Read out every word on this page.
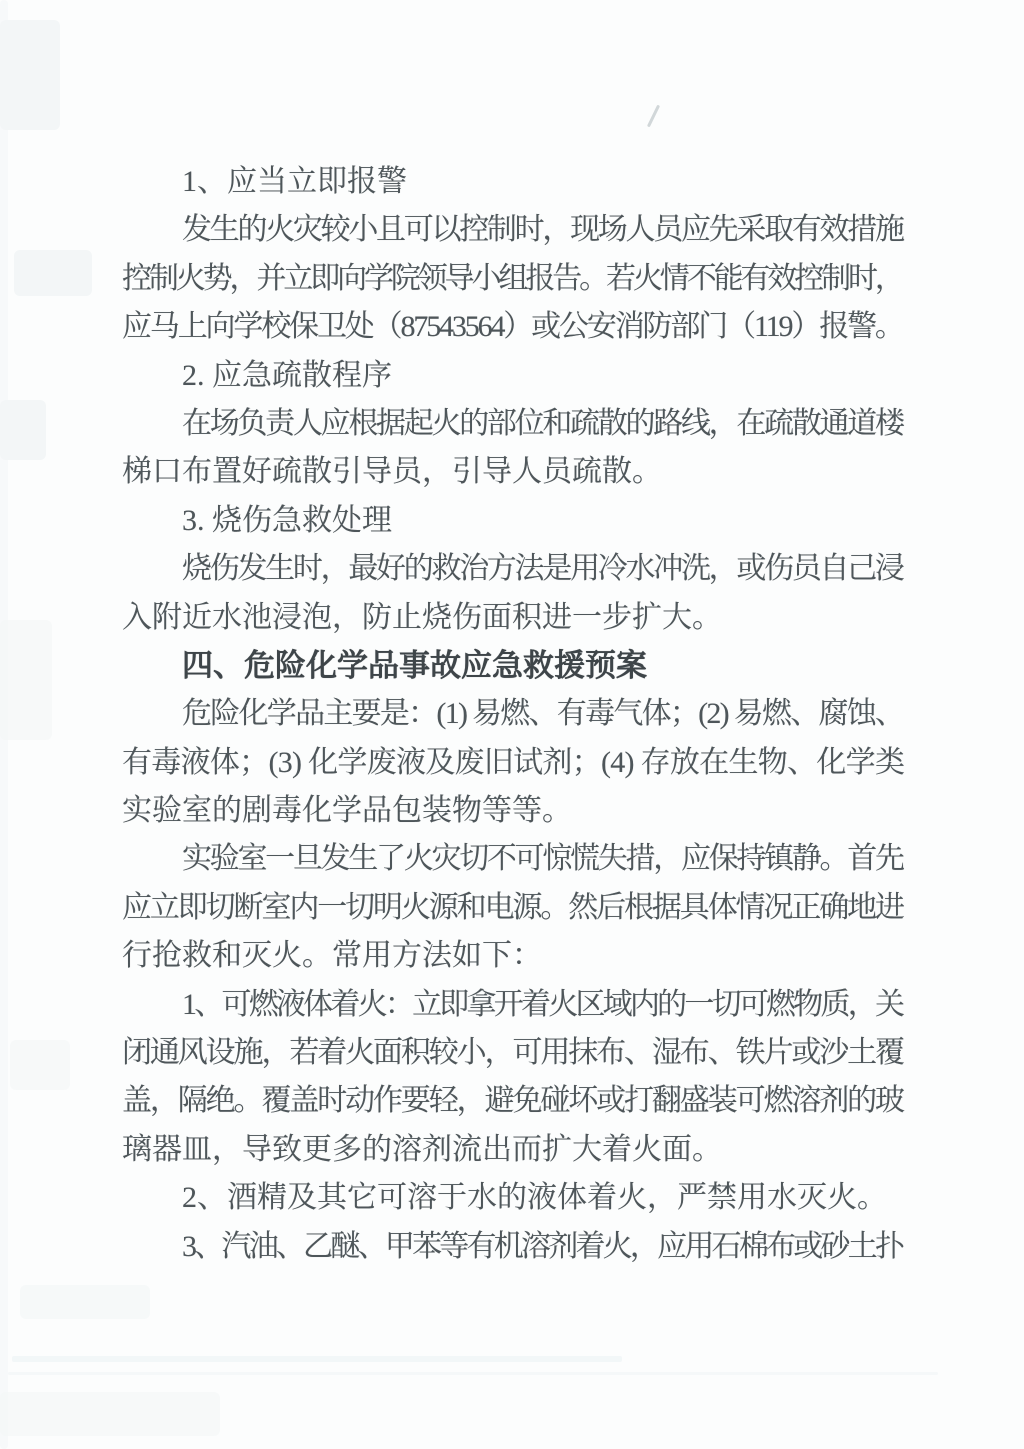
1、应当立即报警
发生的火灾较小且可以控制时，现场人员应先采取有效措施
控制火势，并立即向学院领导小组报告。若火情不能有效控制时，
应马上向学校保卫处（87543564）或公安消防部门（119）报警。
2. 应急疏散程序
在场负责人应根据起火的部位和疏散的路线，在疏散通道楼
梯口布置好疏散引导员，引导人员疏散。
3. 烧伤急救处理
烧伤发生时，最好的救治方法是用冷水冲洗，或伤员自己浸
入附近水池浸泡，防止烧伤面积进一步扩大。
四、危险化学品事故应急救援预案
危险化学品主要是：(1) 易燃、有毒气体；(2) 易燃、腐蚀、
有毒液体；(3) 化学废液及废旧试剂；(4) 存放在生物、化学类
实验室的剧毒化学品包装物等等。
实验室一旦发生了火灾切不可惊慌失措，应保持镇静。首先
应立即切断室内一切明火源和电源。然后根据具体情况正确地进
行抢救和灭火。常用方法如下：
1、可燃液体着火：立即拿开着火区域内的一切可燃物质，关
闭通风设施，若着火面积较小，可用抹布、湿布、铁片或沙土覆
盖，隔绝。覆盖时动作要轻，避免碰坏或打翻盛装可燃溶剂的玻
璃器皿，导致更多的溶剂流出而扩大着火面。
2、酒精及其它可溶于水的液体着火，严禁用水灭火。
3、汽油、乙醚、甲苯等有机溶剂着火，应用石棉布或砂土扑
